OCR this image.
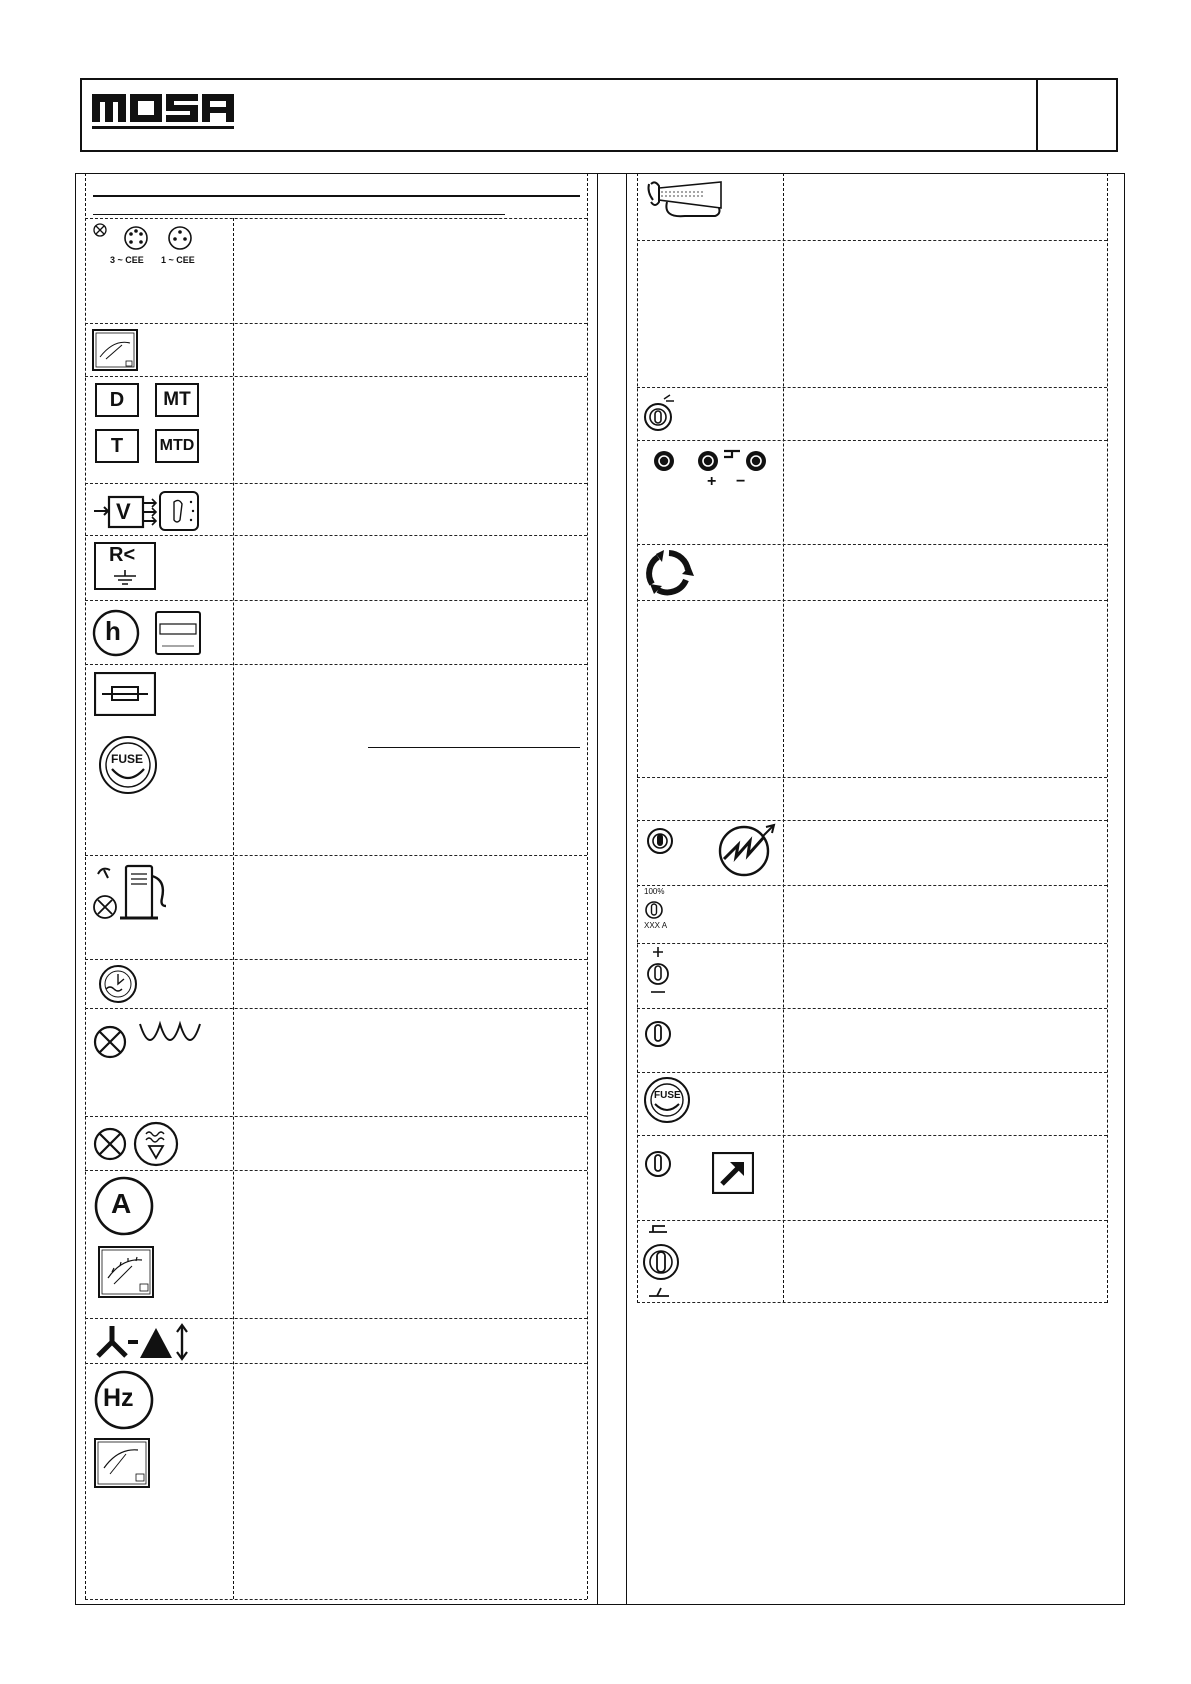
3 ~ CEE 1 ~ CEE
D	MT
T	MTD
V
R<
h
FUSE
A
Hz
+ −
100%
XXX A
FUSE
